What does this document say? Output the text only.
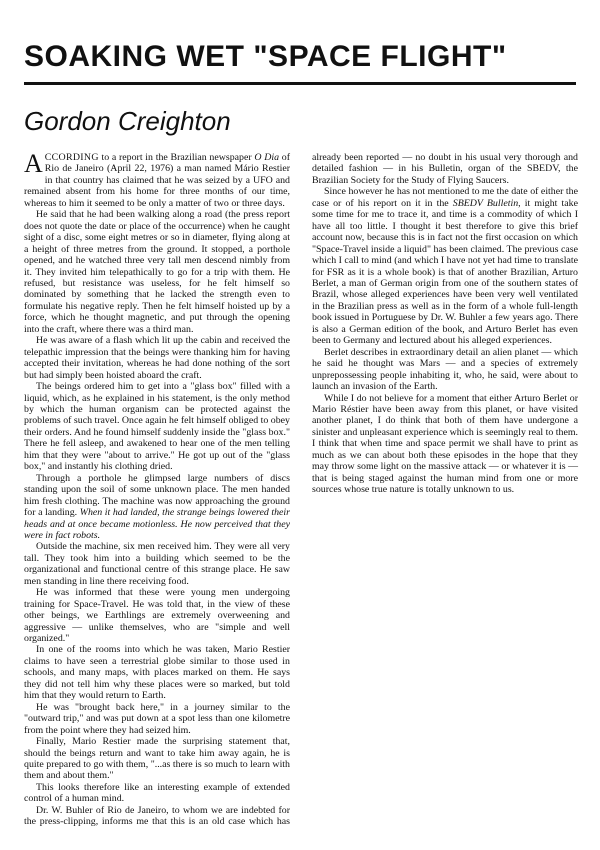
SOAKING WET "SPACE FLIGHT"
Gordon Creighton

ACCORDING to a report in the Brazilian newspaper O Dia of Rio de Janeiro (April 22, 1976) a man named Mário Restier in that country has claimed that he was seized by a UFO and remained absent from his home for three months of our time, whereas to him it seemed to be only a matter of two or three days.

He said that he had been walking along a road (the press report does not quote the date or place of the occurrence) when he caught sight of a disc, some eight metres or so in diameter, flying along at a height of three metres from the ground. It stopped, a porthole opened, and he watched three very tall men descend nimbly from it. They invited him telepathically to go for a trip with them. He refused, but resistance was useless, for he felt himself so dominated by something that he lacked the strength even to formulate his negative reply. Then he felt himself hoisted up by a force, which he thought magnetic, and put through the opening into the craft, where there was a third man.

He was aware of a flash which lit up the cabin and received the telepathic impression that the beings were thanking him for having accepted their invitation, whereas he had done nothing of the sort but had simply been hoisted aboard the craft.

The beings ordered him to get into a "glass box" filled with a liquid, which, as he explained in his statement, is the only method by which the human organism can be protected against the problems of such travel. Once again he felt himself obliged to obey their orders. And he found himself suddenly inside the "glass box." There he fell asleep, and awakened to hear one of the men telling him that they were "about to arrive." He got up out of the "glass box," and instantly his clothing dried.

Through a porthole he glimpsed large numbers of discs standing upon the soil of some unknown place. The men handed him fresh clothing. The machine was now approaching the ground for a landing. When it had landed, the strange beings lowered their heads and at once became motionless. He now perceived that they were in fact robots.

Outside the machine, six men received him. They were all very tall. They took him into a building which seemed to be the organizational and functional centre of this strange place. He saw men standing in line there receiving food.

He was informed that these were young men undergoing training for Space-Travel. He was told that, in the view of these other beings, we Earthlings are extremely overweening and aggressive — unlike themselves, who are "simple and well organized."

In one of the rooms into which he was taken, Mario Restier claims to have seen a terrestrial globe similar to those used in schools, and many maps, with places marked on them. He says they did not tell him why these places were so marked, but told him that they would return to Earth.

He was "brought back here," in a journey similar to the "outward trip," and was put down at a spot less than one kilometre from the point where they had seized him.

Finally, Mario Restier made the surprising statement that, should the beings return and want to take him away again, he is quite prepared to go with them, "...as there is so much to learn with them and about them."

This looks therefore like an interesting example of extended control of a human mind.

Dr. W. Buhler of Rio de Janeiro, to whom we are indebted for the press-clipping, informs me that this is an old case which has already been reported — no doubt in his usual very thorough and detailed fashion — in his Bulletin, organ of the SBEDV, the Brazilian Society for the Study of Flying Saucers.

Since however he has not mentioned to me the date of either the case or of his report on it in the SBEDV Bulletin, it might take some time for me to trace it, and time is a commodity of which I have all too little. I thought it best therefore to give this brief account now, because this is in fact not the first occasion on which "Space-Travel inside a liquid" has been claimed. The previous case which I call to mind (and which I have not yet had time to translate for FSR as it is a whole book) is that of another Brazilian, Arturo Berlet, a man of German origin from one of the southern states of Brazil, whose alleged experiences have been very well ventilated in the Brazilian press as well as in the form of a whole full-length book issued in Portuguese by Dr. W. Buhler a few years ago. There is also a German edition of the book, and Arturo Berlet has even been to Germany and lectured about his alleged experiences.

Berlet describes in extraordinary detail an alien planet — which he said he thought was Mars — and a species of extremely unprepossessing people inhabiting it, who, he said, were about to launch an invasion of the Earth.

While I do not believe for a moment that either Arturo Berlet or Mario Réstier have been away from this planet, or have visited another planet, I do think that both of them have undergone a sinister and unpleasant experience which is seemingly real to them. I think that when time and space permit we shall have to print as much as we can about both these episodes in the hope that they may throw some light on the massive attack — or whatever it is — that is being staged against the human mind from one or more sources whose true nature is totally unknown to us.
